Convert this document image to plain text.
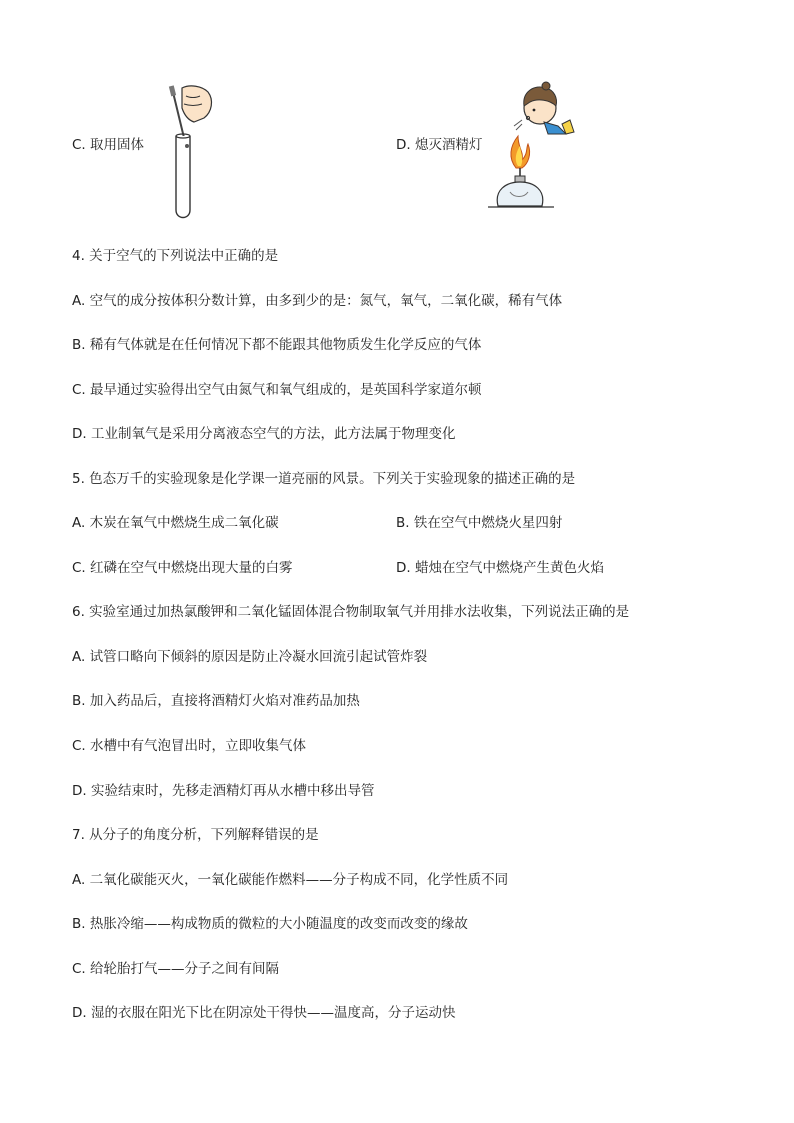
C. 取用固体	D. 熄灭酒精灯
4. 关于空气的下列说法中正确的是
A. 空气的成分按体积分数计算，由多到少的是：氮气，氧气，二氧化碳，稀有气体
B. 稀有气体就是在任何情况下都不能跟其他物质发生化学反应的气体
C. 最早通过实验得出空气由氮气和氧气组成的，是英国科学家道尔顿
D. 工业制氧气是采用分离液态空气的方法，此方法属于物理变化
5. 色态万千的实验现象是化学课一道亮丽的风景。下列关于实验现象的描述正确的是
A. 木炭在氧气中燃烧生成二氧化碳	B. 铁在空气中燃烧火星四射
C. 红磷在空气中燃烧出现大量的白雾	D. 蜡烛在空气中燃烧产生黄色火焰
6. 实验室通过加热氯酸钾和二氧化锰固体混合物制取氧气并用排水法收集，下列说法正确的是
A. 试管口略向下倾斜的原因是防止冷凝水回流引起试管炸裂
B. 加入药品后，直接将酒精灯火焰对准药品加热
C. 水槽中有气泡冒出时，立即收集气体
D. 实验结束时，先移走酒精灯再从水槽中移出导管
7. 从分子的角度分析，下列解释错误的是
A. 二氧化碳能灭火，一氧化碳能作燃料——分子构成不同，化学性质不同
B. 热胀冷缩——构成物质的微粒的大小随温度的改变而改变的缘故
C. 给轮胎打气——分子之间有间隔
D. 湿的衣服在阳光下比在阴凉处干得快——温度高，分子运动快
